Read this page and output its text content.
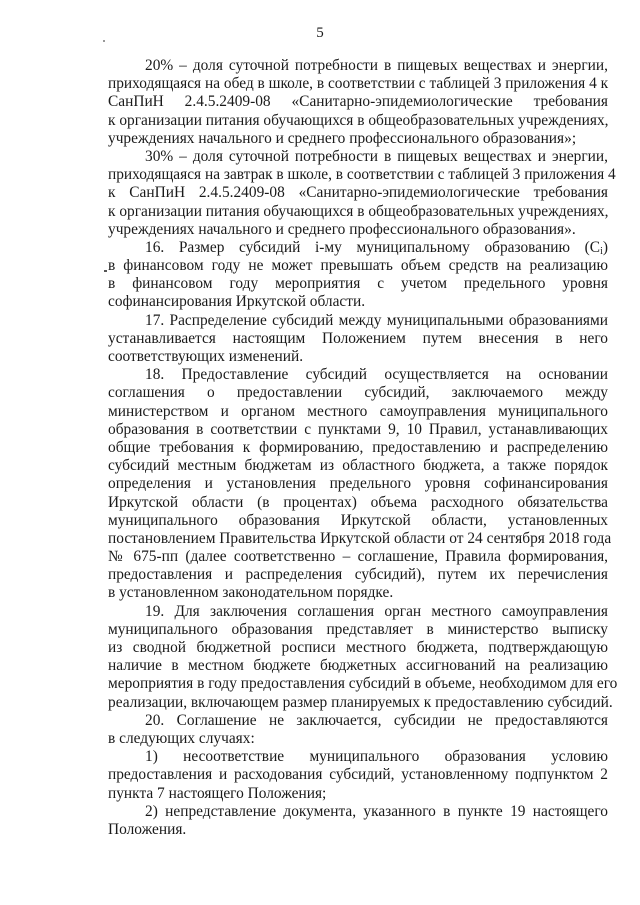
5
20% – доля суточной потребности в пищевых веществах и энергии,
приходящаяся на обед в школе, в соответствии с таблицей 3 приложения 4 к
СанПиН 2.4.5.2409-08 «Санитарно-эпидемиологические требования
к организации питания обучающихся в общеобразовательных учреждениях,
учреждениях начального и среднего профессионального образования»;
30% – доля суточной потребности в пищевых веществах и энергии,
приходящаяся на завтрак в школе, в соответствии с таблицей 3 приложения 4
к СанПиН 2.4.5.2409-08 «Санитарно-эпидемиологические требования
к организации питания обучающихся в общеобразовательных учреждениях,
учреждениях начального и среднего профессионального образования».
16. Размер субсидий i-му муниципальному образованию $(C_i)$
в финансовом году не может превышать объем средств на реализацию
в финансовом году мероприятия с учетом предельного уровня
софинансирования Иркутской области.
17. Распределение субсидий между муниципальными образованиями
устанавливается настоящим Положением путем внесения в него
соответствующих изменений.
18. Предоставление субсидий осуществляется на основании
соглашения о предоставлении субсидий, заключаемого между
министерством и органом местного самоуправления муниципального
образования в соответствии с пунктами 9, 10 Правил, устанавливающих
общие требования к формированию, предоставлению и распределению
субсидий местным бюджетам из областного бюджета, а также порядок
определения и установления предельного уровня софинансирования
Иркутской области (в процентах) объема расходного обязательства
муниципального образования Иркутской области, установленных
постановлением Правительства Иркутской области от 24 сентября 2018 года
№ 675-пп (далее соответственно – соглашение, Правила формирования,
предоставления и распределения субсидий), путем их перечисления
в установленном законодательном порядке.
19. Для заключения соглашения орган местного самоуправления
муниципального образования представляет в министерство выписку
из сводной бюджетной росписи местного бюджета, подтверждающую
наличие в местном бюджете бюджетных ассигнований на реализацию
мероприятия в году предоставления субсидий в объеме, необходимом для его
реализации, включающем размер планируемых к предоставлению субсидий.
20. Соглашение не заключается, субсидии не предоставляются
в следующих случаях:
1) несоответствие муниципального образования условию
предоставления и расходования субсидий, установленному подпунктом 2
пункта 7 настоящего Положения;
2) непредставление документа, указанного в пункте 19 настоящего
Положения.
